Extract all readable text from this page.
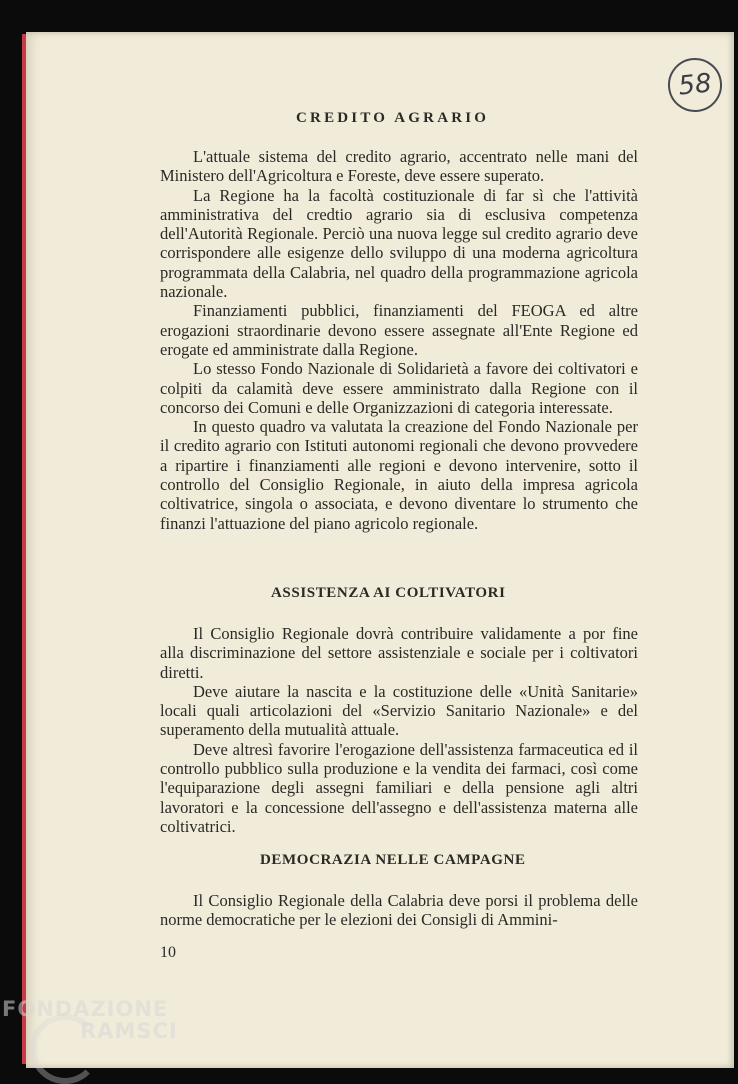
58
CREDITO AGRARIO

L'attuale sistema del credito agrario, accentrato nelle mani del Ministero dell'Agricoltura e Foreste, deve essere superato.

La Regione ha la facoltà costituzionale di far sì che l'attività amministrativa del credtio agrario sia di esclusiva competenza dell'Autorità Regionale. Perciò una nuova legge sul credito agrario deve corrispondere alle esigenze dello sviluppo di una moderna agricoltura programmata della Calabria, nel quadro della programmazione agricola nazionale.

Finanziamenti pubblici, finanziamenti del FEOGA ed altre erogazioni straordinarie devono essere assegnate all'Ente Regione ed erogate ed amministrate dalla Regione.

Lo stesso Fondo Nazionale di Solidarietà a favore dei coltivatori e colpiti da calamità deve essere amministrato dalla Regione con il concorso dei Comuni e delle Organizzazioni di categoria interessate.

In questo quadro va valutata la creazione del Fondo Nazionale per il credito agrario con Istituti autonomi regionali che devono provvedere a ripartire i finanziamenti alle regioni e devono intervenire, sotto il controllo del Consiglio Regionale, in aiuto della impresa agricola coltivatrice, singola o associata, e devono diventare lo strumento che finanzi l'attuazione del piano agricolo regionale.

ASSISTENZA AI COLTIVATORI

Il Consiglio Regionale dovrà contribuire validamente a por fine alla discriminazione del settore assistenziale e sociale per i coltivatori diretti.

Deve aiutare la nascita e la costituzione delle «Unità Sanitarie» locali quali articolazioni del «Servizio Sanitario Nazionale» e del superamento della mutualità attuale.

Deve altresì favorire l'erogazione dell'assistenza farmaceutica ed il controllo pubblico sulla produzione e la vendita dei farmaci, così come l'equiparazione degli assegni familiari e della pensione agli altri lavoratori e la concessione dell'assegno e dell'assistenza materna alle coltivatrici.

DEMOCRAZIA NELLE CAMPAGNE

Il Consiglio Regionale della Calabria deve porsi il problema delle norme democratiche per le elezioni dei Consigli di Ammini-

10
FONDAZIONE
RAMSCI
